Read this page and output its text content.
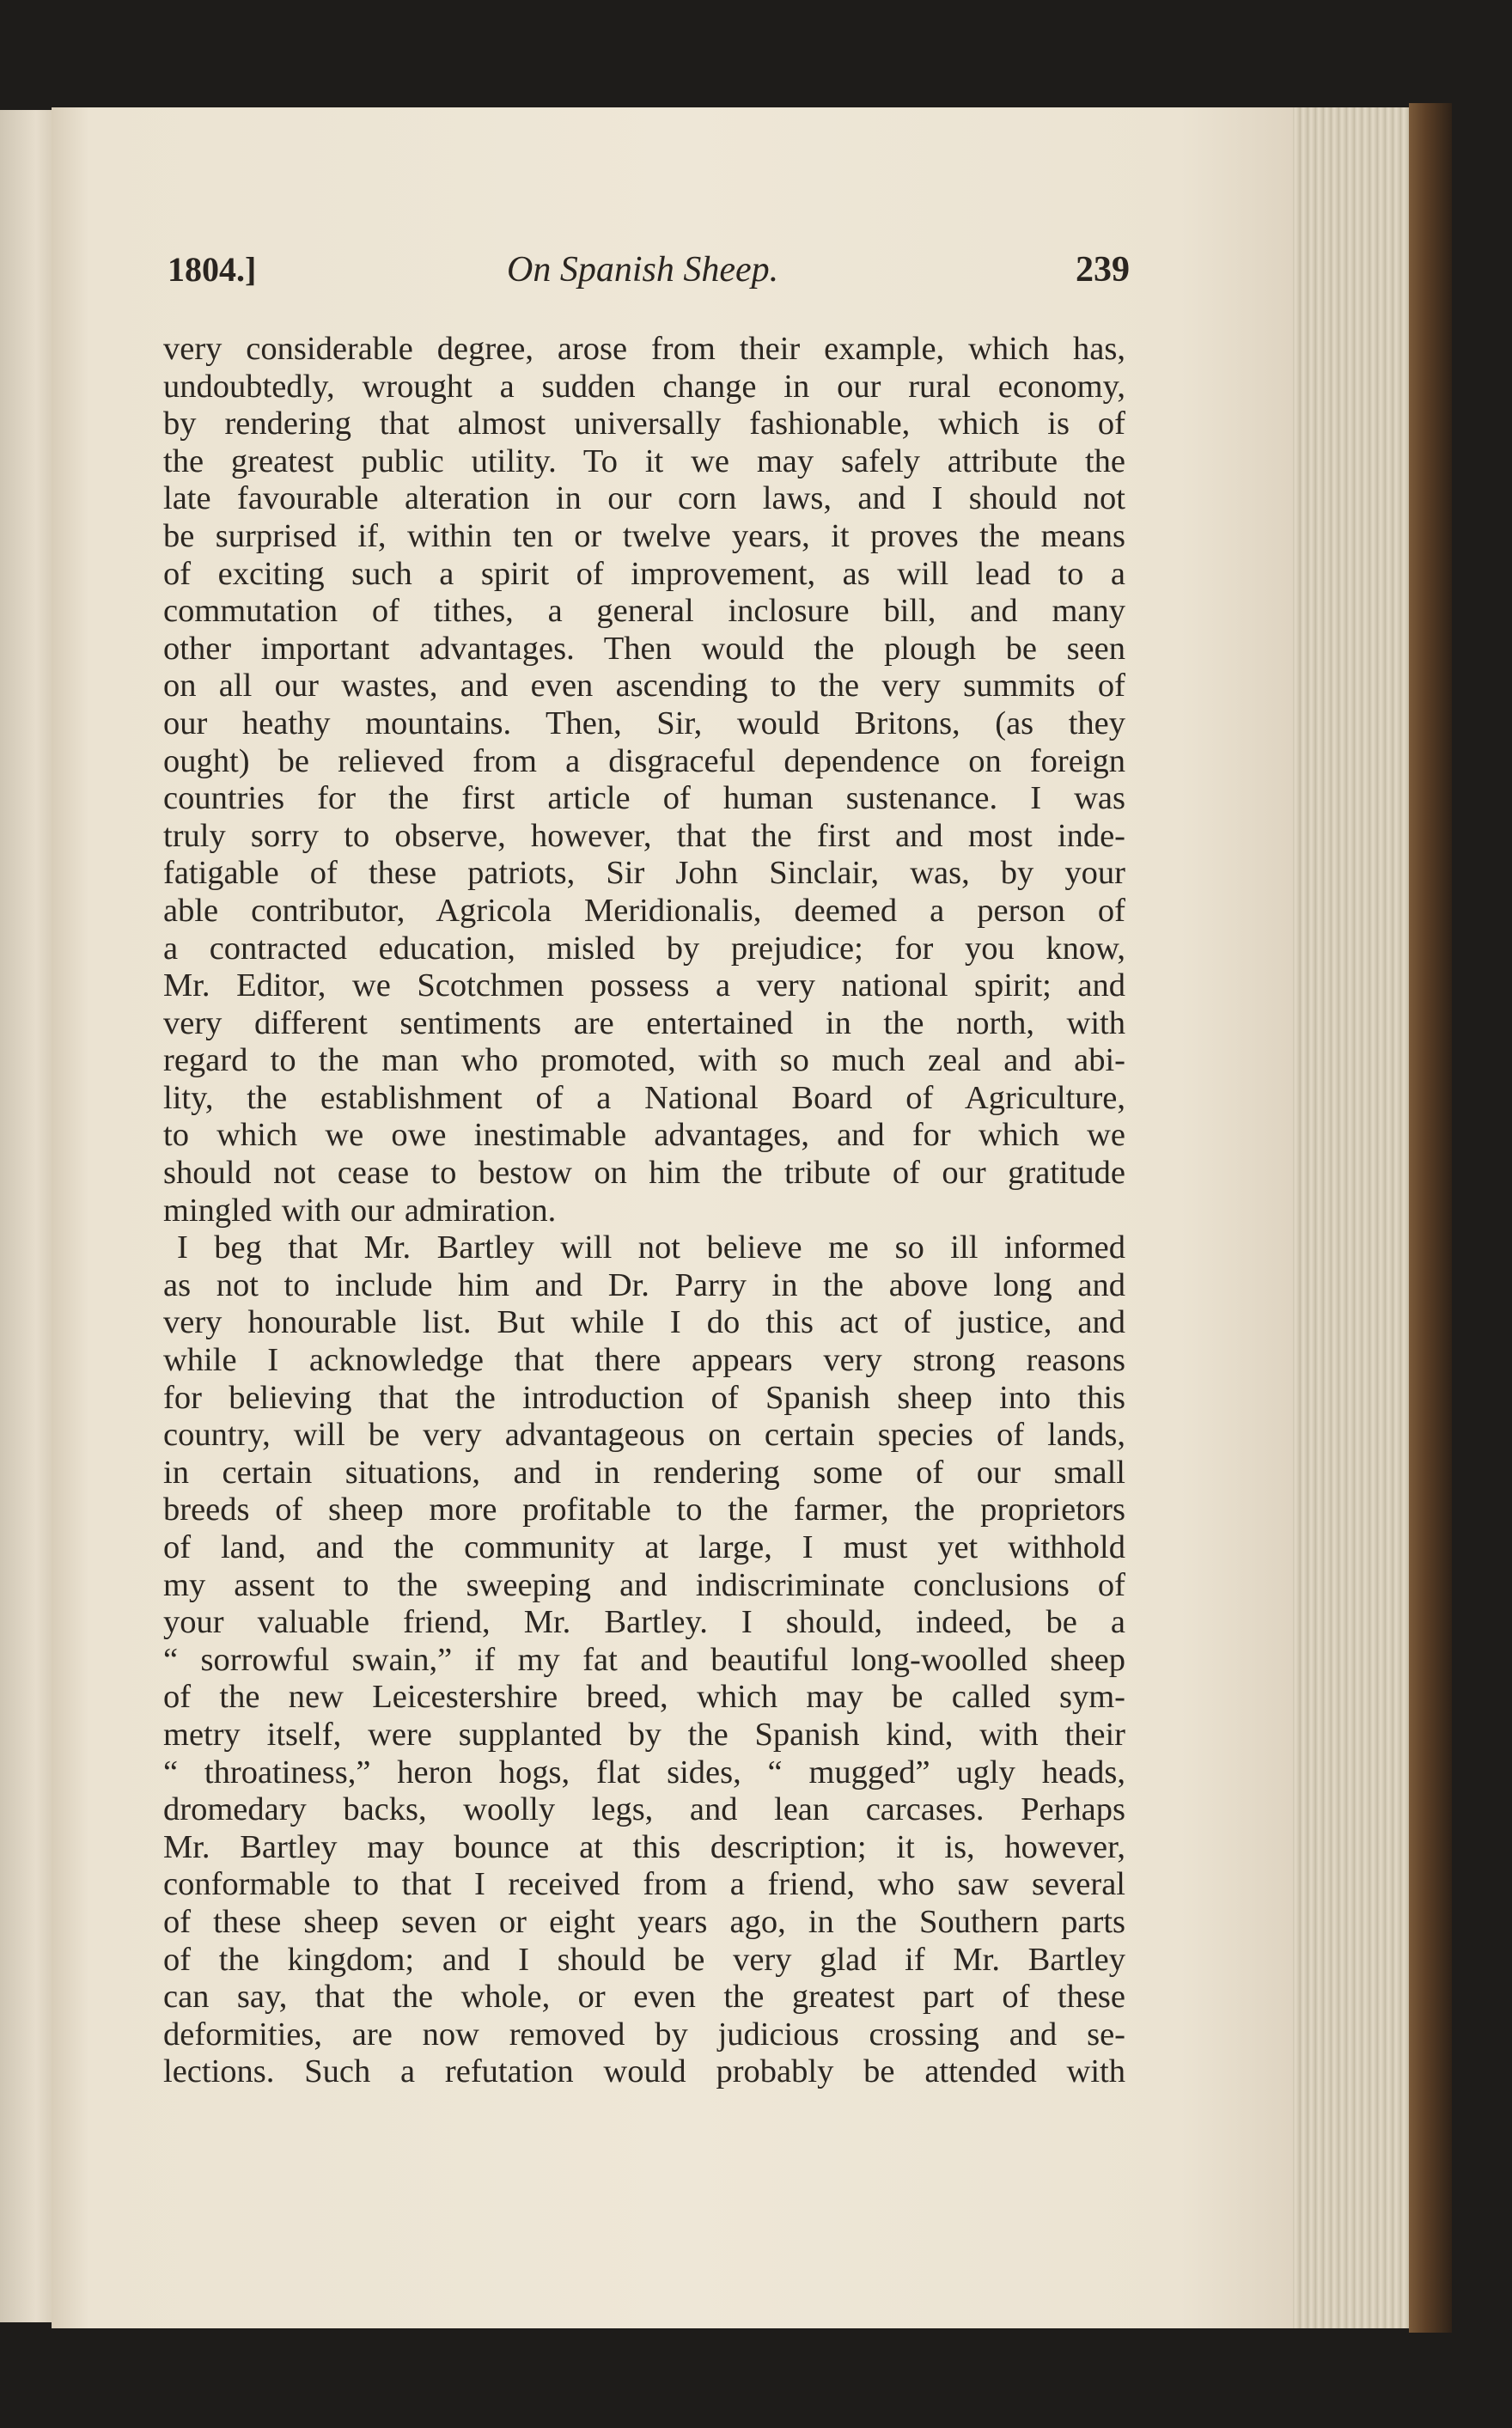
1804.]	On Spanish Sheep.	239
very considerable degree, arose from their example, which has,
undoubtedly, wrought a sudden change in our rural economy,
by rendering that almost universally fashionable, which is of
the greatest public utility. To it we may safely attribute the
late favourable alteration in our corn laws, and I should not
be surprised if, within ten or twelve years, it proves the means
of exciting such a spirit of improvement, as will lead to a
commutation of tithes, a general inclosure bill, and many
other important advantages. Then would the plough be seen
on all our wastes, and even ascending to the very summits of
our heathy mountains. Then, Sir, would Britons, (as they
ought) be relieved from a disgraceful dependence on foreign
countries for the first article of human sustenance. I was
truly sorry to observe, however, that the first and most inde-
fatigable of these patriots, Sir John Sinclair, was, by your
able contributor, Agricola Meridionalis, deemed a person of
a contracted education, misled by prejudice; for you know,
Mr. Editor, we Scotchmen possess a very national spirit; and
very different sentiments are entertained in the north, with
regard to the man who promoted, with so much zeal and abi-
lity, the establishment of a National Board of Agriculture,
to which we owe inestimable advantages, and for which we
should not cease to bestow on him the tribute of our gratitude
mingled with our admiration.
I beg that Mr. Bartley will not believe me so ill informed
as not to include him and Dr. Parry in the above long and
very honourable list. But while I do this act of justice, and
while I acknowledge that there appears very strong reasons
for believing that the introduction of Spanish sheep into this
country, will be very advantageous on certain species of lands,
in certain situations, and in rendering some of our small
breeds of sheep more profitable to the farmer, the proprietors
of land, and the community at large, I must yet withhold
my assent to the sweeping and indiscriminate conclusions of
your valuable friend, Mr. Bartley. I should, indeed, be a
“ sorrowful swain,” if my fat and beautiful long-woolled sheep
of the new Leicestershire breed, which may be called sym-
metry itself, were supplanted by the Spanish kind, with their
“ throatiness,” heron hogs, flat sides, “ mugged” ugly heads,
dromedary backs, woolly legs, and lean carcases. Perhaps
Mr. Bartley may bounce at this description; it is, however,
conformable to that I received from a friend, who saw several
of these sheep seven or eight years ago, in the Southern parts
of the kingdom; and I should be very glad if Mr. Bartley
can say, that the whole, or even the greatest part of these
deformities, are now removed by judicious crossing and se-
lections. Such a refutation would probably be attended with
